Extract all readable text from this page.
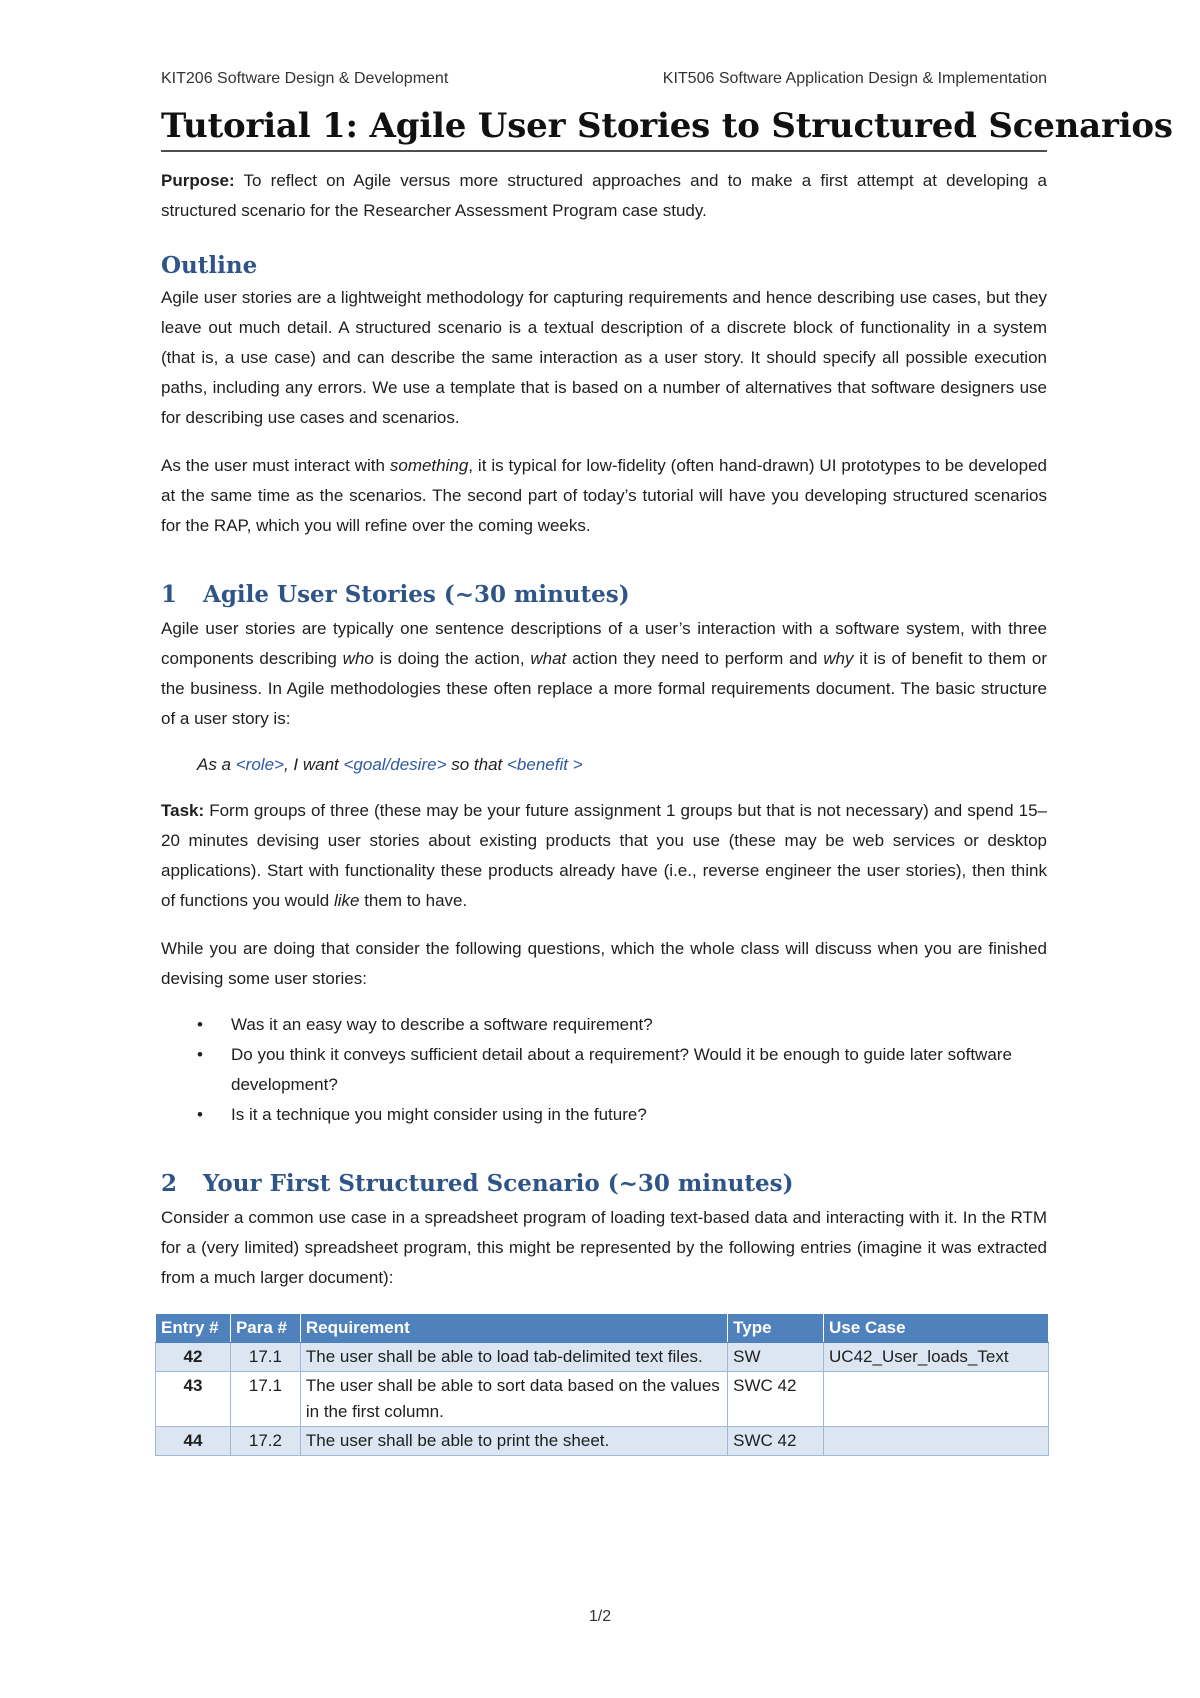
KIT206 Software Design & Development	KIT506 Software Application Design & Implementation
Tutorial 1: Agile User Stories to Structured Scenarios

Purpose: To reflect on Agile versus more structured approaches and to make a first attempt at developing a structured scenario for the Researcher Assessment Program case study.

Outline

Agile user stories are a lightweight methodology for capturing requirements and hence describing use cases, but they leave out much detail. A structured scenario is a textual description of a discrete block of functionality in a system (that is, a use case) and can describe the same interaction as a user story. It should specify all possible execution paths, including any errors. We use a template that is based on a number of alternatives that software designers use for describing use cases and scenarios.

As the user must interact with something, it is typical for low-fidelity (often hand-drawn) UI prototypes to be developed at the same time as the scenarios. The second part of today’s tutorial will have you developing structured scenarios for the RAP, which you will refine over the coming weeks.

1	Agile User Stories (~30 minutes)

Agile user stories are typically one sentence descriptions of a user’s interaction with a software system, with three components describing who is doing the action, what action they need to perform and why it is of benefit to them or the business. In Agile methodologies these often replace a more formal requirements document. The basic structure of a user story is:

As a <role>, I want <goal/desire> so that <benefit >

Task: Form groups of three (these may be your future assignment 1 groups but that is not necessary) and spend 15–20 minutes devising user stories about existing products that you use (these may be web services or desktop applications). Start with functionality these products already have (i.e., reverse engineer the user stories), then think of functions you would like them to have.

While you are doing that consider the following questions, which the whole class will discuss when you are finished devising some user stories:

• Was it an easy way to describe a software requirement?
• Do you think it conveys sufficient detail about a requirement? Would it be enough to guide later software development?
• Is it a technique you might consider using in the future?
2	Your First Structured Scenario (~30 minutes)

Consider a common use case in a spreadsheet program of loading text-based data and interacting with it. In the RTM for a (very limited) spreadsheet program, this might be represented by the following entries (imagine it was extracted from a much larger document):

Entry #	Para #	Requirement	Type	Use Case
42	17.1	The user shall be able to load tab-delimited text files.	SW	UC42_User_loads_Text
43	17.1	The user shall be able to sort data based on the values in the first column.	SWC 42	
44	17.2	The user shall be able to print the sheet.	SWC 42	
1/2
